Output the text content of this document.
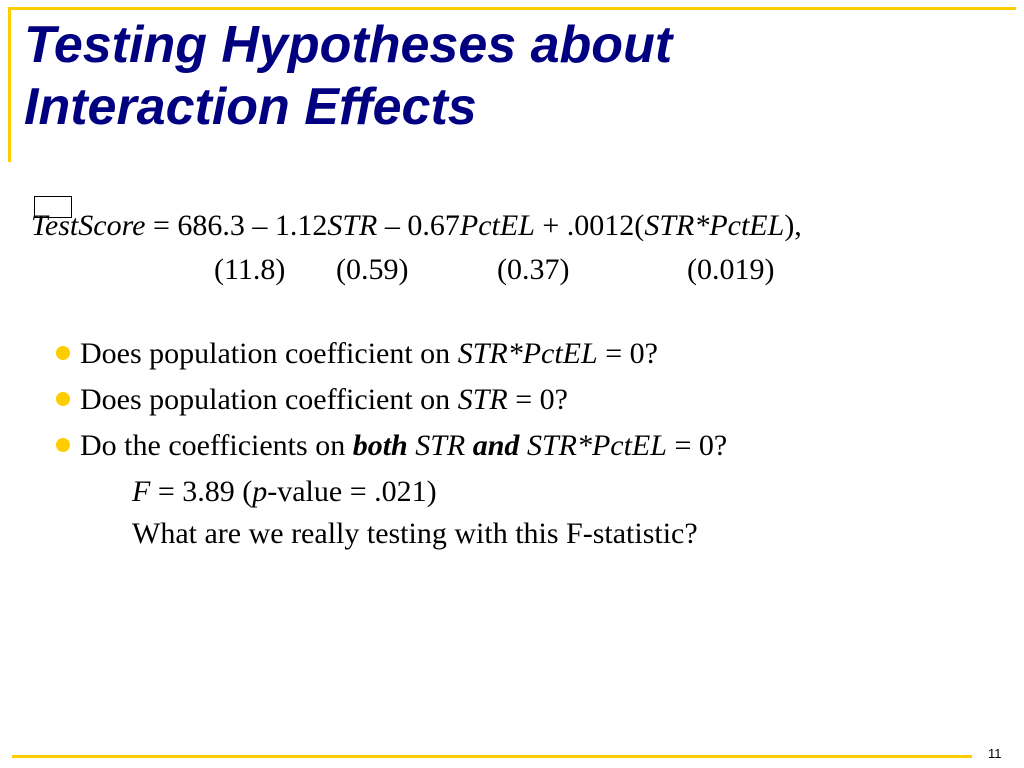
Testing Hypotheses about
Interaction Effects
TestScore = 686.3 – 1.12STR – 0.67PctEL + .0012(STR*PctEL),
(11.8) (0.59)	(0.37)	(0.019)
Does population coefficient on STR*PctEL = 0?
Does population coefficient on STR = 0?
Do the coefficients on both STR and STR*PctEL = 0?
F = 3.89 (p-value = .021)
What are we really testing with this F-statistic?
11
